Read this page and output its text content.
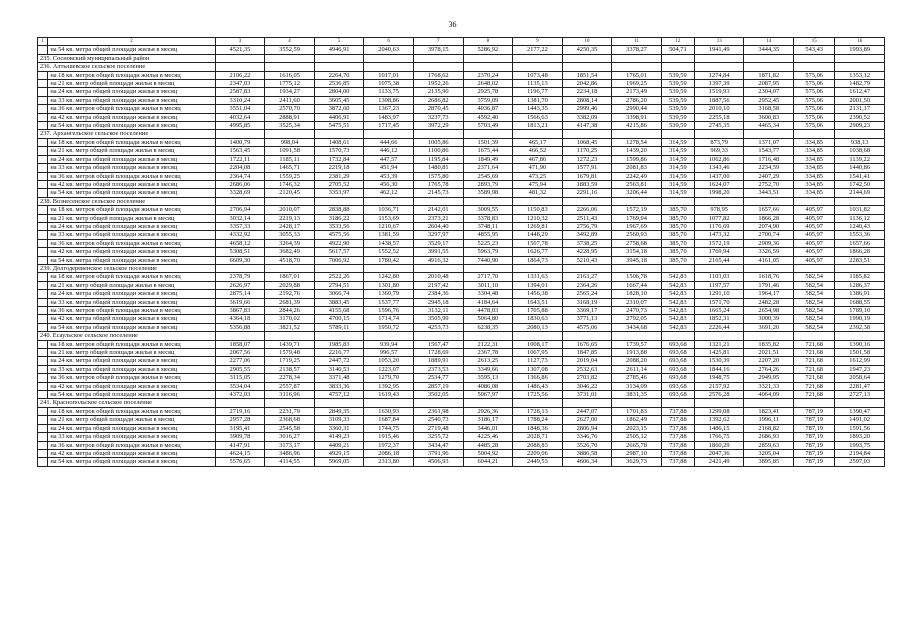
36
1	2	3	4	5	6	7	8	9	10	11	12	13	14	15	16
	на 54 кв. метра общей площади жилья в месяц	4521,35	3552,59	4946,91	2040,63	3978,15	5286,92	2177,22	4250,35	3378,27	504,71	1941,49	3444,35	543,43	1993,89
235. Сосновский муниципальный район															
236. Алтышевское сельское поселение															
	на 18 кв. метров общей площади жилья в месяц	2106,22	1616,05	2264,70	1017,01	1768,62	2370,24	1073,48	1851,54	1765,01	539,59	1274,84	1871,82	575,06	1353,12
	на 21 кв. метр общей площади жилья в месяц	2347,03	1775,12	2536,85	1075,38	1952,26	2648,02	1135,13	2042,86	1969,25	539,59	1397,39	2087,95	575,06	1482,79
	на 24 кв. метра общей площади жилья в месяц	2587,83	1934,27	2804,00	1133,75	2135,90	2925,78	1196,77	2234,18	2173,49	539,59	1519,93	2304,07	575,06	1612,47
	на 33 кв. метра общей площади жилья в месяц	3310,24	2411,60	3605,45	1308,86	2686,82	3759,09	1381,70	2808,14	2786,20	539,59	1887,56	2952,45	575,06	2001,50
	на 36 кв. метров общей площади жилья в месяц	3551,04	2570,70	3872,60	1367,23	2870,45	4036,87	1443,35	2999,46	2990,44	539,59	2010,10	3168,58	575,06	2131,17
	на 42 кв. метра общей площади жилья в месяц	4032,64	2888,91	4406,91	1483,97	3237,73	4592,40	1566,63	3382,09	3398,91	539,59	2255,18	3600,83	575,06	2390,52
	на 54 кв. метра общей площади жилья в месяц	4995,85	3525,34	5475,51	1717,45	3972,29	5703,49	1813,21	4147,38	4215,86	539,59	2745,35	4465,34	575,06	2909,23
237. Архангельское сельское поселение															
	на 18 кв. метров общей площади жилья в месяц	1400,79	998,04	1408,61	444,66	1005,86	1501,39	465,17	1068,45	1278,54	314,59	873,79	1371,07	334,85	938,13
	на 21 кв. метр общей площади жилья в месяц	1563,45	1091,58	1570,73	446,12	1100,86	1675,44	466,52	1170,25	1439,20	314,59	969,33	1543,77	334,85	1038,68
	на 24 кв. метра общей площади жилья в месяц	1722,11	1185,11	1732,84	447,57	1195,84	1849,49	467,86	1272,23	1599,86	314,59	1062,86	1716,48	334,85	1139,22
	на 33 кв. метра общей площади жилья в месяц	2204,08	1465,71	2219,18	451,94	1480,81	2371,64	471,90	1577,91	2081,83	314,59	1343,46	2234,59	334,85	1440,86
	на 36 кв. метров общей площади жилья в месяц	2364,74	1559,25	2381,29	453,39	1575,80	2545,69	473,25	1679,81	2242,49	314,59	1437,00	2407,29	334,85	1541,41
	на 42 кв. метра общей площади жилья в месяц	2686,06	1746,32	2705,52	456,30	1765,78	2893,79	475,94	1883,59	2563,81	314,59	1624,07	2752,70	334,85	1742,50
	на 54 кв. метра общей площади жилья в месяц	3328,69	2120,45	3353,97	462,12	2145,73	3589,98	481,32	2291,16	3206,44	314,59	1998,20	3443,51	334,85	2144,69
238. Вознесенское сельское поселение															
	на 18 кв. метров общей площади жилья в месяц	2706,94	2010,07	2838,88	1036,71	2142,01	3009,55	1150,83	2266,06	1572,19	385,70	978,95	1657,66	405,97	1031,82
	на 21 кв. метр общей площади жилья в месяц	3032,14	2219,13	3186,22	1153,69	2373,21	3378,83	1210,32	2511,43	1769,94	385,70	1077,82	1866,28	405,97	1136,12
	на 24 кв. метра общей площади жилья в месяц	3357,33	2428,17	3533,56	1210,67	2604,40	3748,11	1269,81	2756,79	1967,69	385,70	1176,69	2074,90	405,97	1240,43
	на 33 кв. метра общей площади жилья в месяц	4332,92	3055,33	4575,56	1381,59	3297,97	4855,95	1448,29	3492,89	2560,93	385,70	1473,32	2700,74	405,97	1553,36
	на 36 кв. метров общей площади жилья в месяц	4658,12	3264,39	4922,90	1438,57	3529,17	5225,23	1507,78	3738,25	2758,68	385,70	1572,19	2909,36	405,97	1657,66
	на 42 кв. метра общей площади жилья в месяц	5308,51	3682,49	5617,57	1552,52	3991,55	5963,79	1626,77	4228,95	3154,18	385,70	1769,94	3326,59	405,97	1866,28
	на 54 кв. метра общей площади жилья в месяц	6609,30	4518,70	7006,92	1780,42	4916,32	7440,90	1864,73	5210,43	3945,18	385,70	2165,44	4161,05	405,97	2283,51
239. Долгодеревенское сельское поселение															
	на 18 кв. метров общей площади жилья в месяц	2378,79	1867,01	2522,26	1242,80	2010,48	2717,70	1331,63	2163,27	1506,78	542,83	1103,03	1618,76	582,54	1185,82
	на 21 кв. метр общей площади жилья в месяц	2626,97	2029,88	2794,51	1301,80	2197,42	3011,10	1394,01	2364,26	1667,44	542,83	1197,57	1791,46	582,54	1286,37
	на 24 кв. метра общей площади жилья в месяц	2875,14	2192,76	3066,74	1360,79	2384,36	3304,48	1456,38	2565,24	1828,10	542,83	1291,10	1964,17	582,54	1386,91
	на 33 кв. метра общей площади жилья в месяц	3619,66	2681,39	3883,45	1537,77	2945,18	4184,64	1643,51	3168,19	2310,07	542,83	1571,70	2482,28	582,54	1688,55
	на 36 кв. метров общей площади жилья в месяц	3867,83	2844,26	4155,68	1596,76	3132,11	4478,03	1705,88	3369,17	2470,73	542,83	1665,24	2654,98	582,54	1789,10
	на 42 кв. метра общей площади жилья в месяц	4364,18	3170,02	4700,15	1714,74	3505,99	5064,80	1830,63	3771,13	2792,05	542,83	1852,31	3000,39	582,54	1990,19
	на 54 кв. метра общей площади жилья в месяц	5356,88	3821,52	5789,11	1950,72	4253,73	6238,35	2080,13	4575,06	3434,68	542,83	2226,44	3691,20	582,54	2392,38
240. Есаульское сельское поселение															
	на 18 кв. метров общей площади жилья в месяц	1858,07	1439,71	1985,83	939,94	1567,47	2122,31	1008,17	1676,65	1739,57	693,68	1321,21	1835,82	721,68	1390,16
	на 21 кв. метр общей площади жилья в месяц	2067,56	1579,48	2216,77	996,57	1728,69	2367,78	1067,95	1847,85	1913,88	693,68	1425,81	2021,51	721,68	1501,58
	на 24 кв. метра общей площади жилья в месяц	2277,06	1719,25	2447,72	1053,20	1889,91	2613,25	1127,73	2019,04	2088,20	693,68	1530,39	2207,20	721,68	1612,99
	на 33 кв. метра общей площади жилья в месяц	2905,55	2138,57	3140,53	1223,07	2373,53	3349,66	1307,08	2532,63	2611,14	693,68	1844,16	2764,26	721,68	1947,23
	на 36 кв. метров общей площади жилья в месяц	3115,05	2278,34	3371,48	1279,70	2534,77	3595,13	1366,86	2703,82	2785,46	693,68	1948,75	2949,95	721,68	2058,64
	на 42 кв. метра общей площади жилья в месяц	3534,04	2557,87	3833,36	1392,95	2857,19	4086,08	1486,43	3046,22	3134,09	693,68	2157,92	3321,33	721,68	2281,47
	на 54 кв. метра общей площади жилья в месяц	4372,03	3116,96	4757,12	1619,43	3502,05	5067,97	1725,56	3731,01	3831,35	693,68	2576,28	4064,09	721,68	2727,13
241. Краснопольское сельское поселение															
	на 18 кв. метров общей площади жилья в месяц	2719,16	2231,79	2849,35	1630,93	2361,98	2926,36	1728,13	2447,07	1701,83	737,88	1299,08	1823,41	787,19	1390,47
	на 21 кв. метр общей площади жилья в месяц	2957,28	2368,68	3109,33	1687,84	2540,73	3186,17	1788,24	2627,00	1862,49	737,88	1392,62	1996,11	787,19	1491,02
	на 24 кв. метра общей площади жилья в месяц	3195,41	2545,58	3360,31	1744,75	2719,48	3446,01	1848,36	2806,94	2023,15	737,88	1486,15	2168,82	787,19	1591,56
	на 33 кв. метра общей площади жилья в месяц	3909,78	3016,27	4149,23	1915,46	3255,72	4225,46	2028,71	3346,76	2505,12	737,88	1766,75	2686,93	787,19	1893,20
	на 36 кв. метров общей площади жилья в месяц	4147,91	3173,17	4409,21	1972,37	3434,47	4485,28	2088,83	3526,70	2665,78	737,88	1860,29	2859,63	787,19	1993,75
	на 42 кв. метра общей площади жилья в месяц	4624,15	3486,96	4929,15	2086,18	3791,96	5004,92	2209,06	3886,58	2987,10	737,88	2047,36	3205,04	787,19	2194,84
	на 54 кв. метра общей площади жилья в месяц	5576,65	4114,55	5969,05	2313,80	4506,93	6044,21	2449,53	4606,34	3629,73	737,88	2421,49	3895,85	787,19	2597,03
